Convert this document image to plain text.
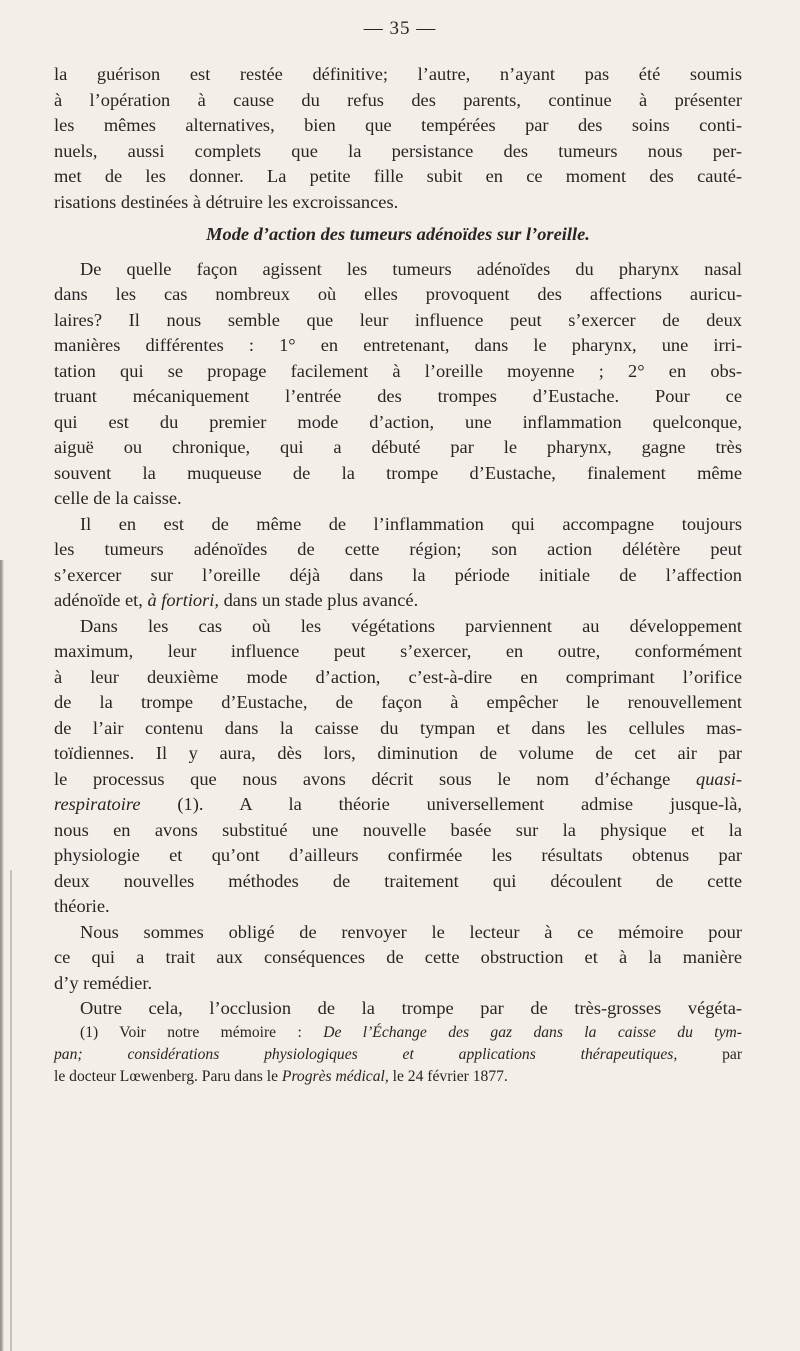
— 35 —
la guérison est restée définitive; l’autre, n’ayant pas été soumis
à l’opération à cause du refus des parents, continue à présenter
les mêmes alternatives, bien que tempérées par des soins conti-
nuels, aussi complets que la persistance des tumeurs nous per-
met de les donner. La petite fille subit en ce moment des cauté-
risations destinées à détruire les excroissances.
Mode d’action des tumeurs adénoïdes sur l’oreille.
De quelle façon agissent les tumeurs adénoïdes du pharynx nasal
dans les cas nombreux où elles provoquent des affections auricu-
laires? Il nous semble que leur influence peut s’exercer de deux
manières différentes : 1° en entretenant, dans le pharynx, une irri-
tation qui se propage facilement à l’oreille moyenne ; 2° en obs-
truant mécaniquement l’entrée des trompes d’Eustache. Pour ce
qui est du premier mode d’action, une inflammation quelconque,
aiguë ou chronique, qui a débuté par le pharynx, gagne très
souvent la muqueuse de la trompe d’Eustache, finalement même
celle de la caisse.
Il en est de même de l’inflammation qui accompagne toujours
les tumeurs adénoïdes de cette région; son action délétère peut
s’exercer sur l’oreille déjà dans la période initiale de l’affection
adénoïde et, à fortiori, dans un stade plus avancé.
Dans les cas où les végétations parviennent au développement
maximum, leur influence peut s’exercer, en outre, conformément
à leur deuxième mode d’action, c’est-à-dire en comprimant l’orifice
de la trompe d’Eustache, de façon à empêcher le renouvellement
de l’air contenu dans la caisse du tympan et dans les cellules mas-
toïdiennes. Il y aura, dès lors, diminution de volume de cet air par
le processus que nous avons décrit sous le nom d’échange quasi-
respiratoire (1). A la théorie universellement admise jusque-là,
nous en avons substitué une nouvelle basée sur la physique et la
physiologie et qu’ont d’ailleurs confirmée les résultats obtenus par
deux nouvelles méthodes de traitement qui découlent de cette
théorie.
Nous sommes obligé de renvoyer le lecteur à ce mémoire pour
ce qui a trait aux conséquences de cette obstruction et à la manière
d’y remédier.
Outre cela, l’occlusion de la trompe par de très-grosses végéta-
(1) Voir notre mémoire : De l’Échange des gaz dans la caisse du tym-
pan; considérations physiologiques et applications thérapeutiques, par
le docteur Lœwenberg. Paru dans le Progrès médical, le 24 février 1877.
